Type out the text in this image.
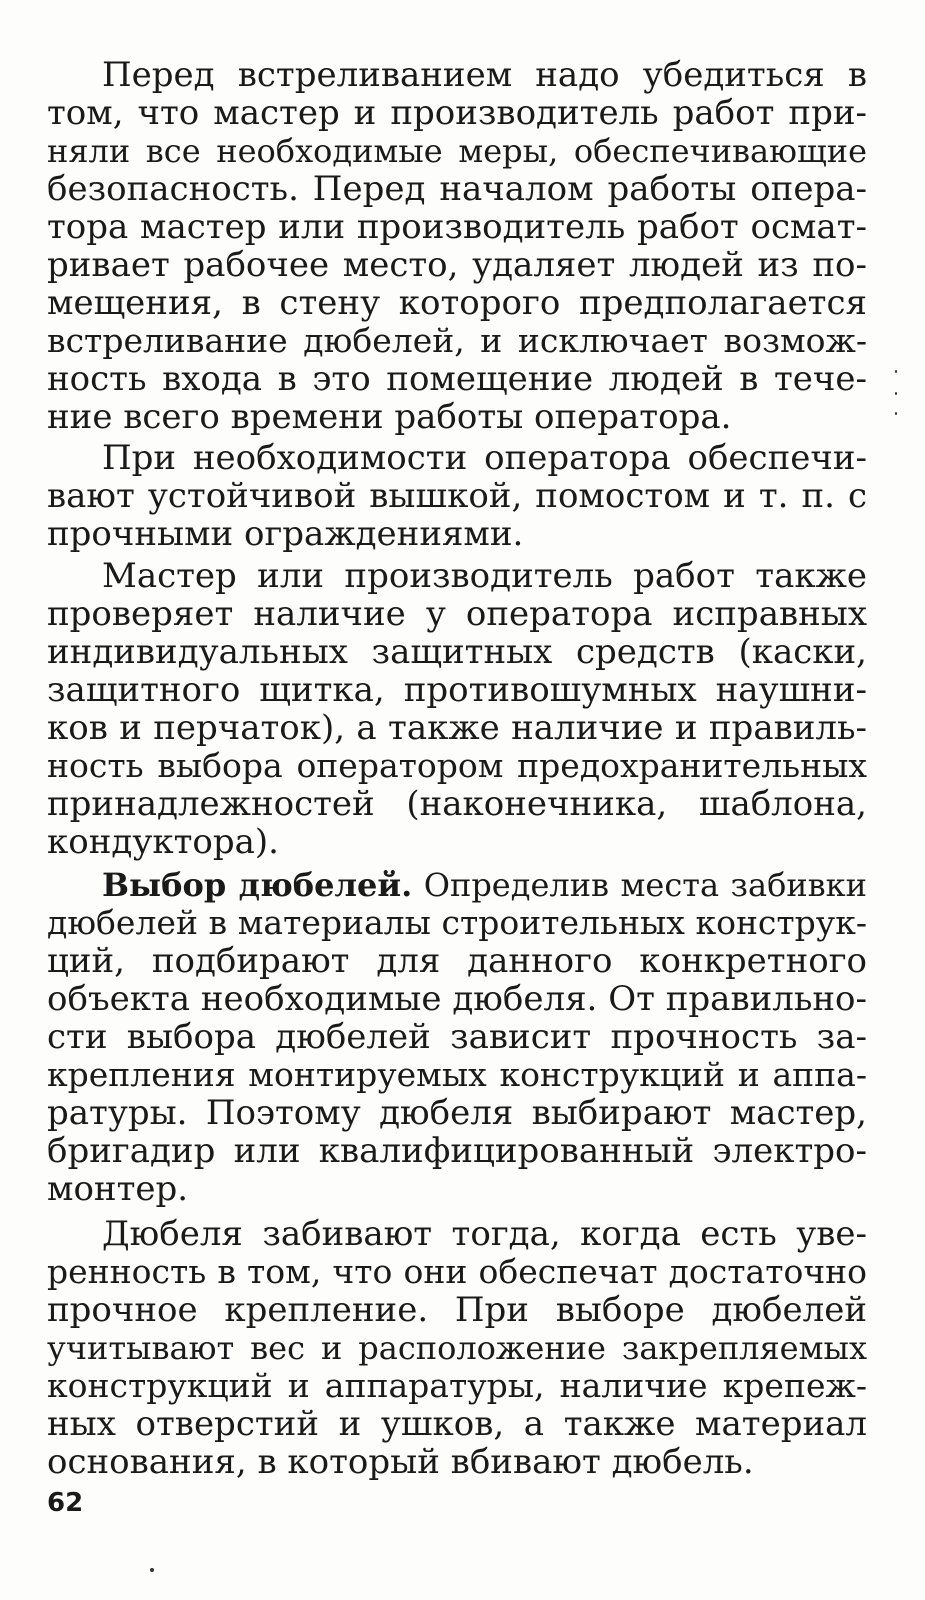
Перед встреливанием надо убедиться в
том, что мастер и производитель работ при-
няли все необходимые меры, обеспечивающие
безопасность. Перед началом работы опера-
тора мастер или производитель работ осмат-
ривает рабочее место, удаляет людей из по-
мещения, в стену которого предполагается
встреливание дюбелей, и исключает возмож-
ность входа в это помещение людей в тече-
ние всего времени работы оператора.
При необходимости оператора обеспечи-
вают устойчивой вышкой, помостом и т. п. с
прочными ограждениями.
Мастер или производитель работ также
проверяет наличие у оператора исправных
индивидуальных защитных средств (каски,
защитного щитка, противошумных наушни-
ков и перчаток), а также наличие и правиль-
ность выбора оператором предохранительных
принадлежностей (наконечника, шаблона,
кондуктора).
Выбор дюбелей. Определив места забивки
дюбелей в материалы строительных конструк-
ций, подбирают для данного конкретного
объекта необходимые дюбеля. От правильно-
сти выбора дюбелей зависит прочность за-
крепления монтируемых конструкций и аппа-
ратуры. Поэтому дюбеля выбирают мастер,
бригадир или квалифицированный электро-
монтер.
Дюбеля забивают тогда, когда есть уве-
ренность в том, что они обеспечат достаточно
прочное крепление. При выборе дюбелей
учитывают вес и расположение закрепляемых
конструкций и аппаратуры, наличие крепеж-
ных отверстий и ушков, а также материал
основания, в который вбивают дюбель.
62
